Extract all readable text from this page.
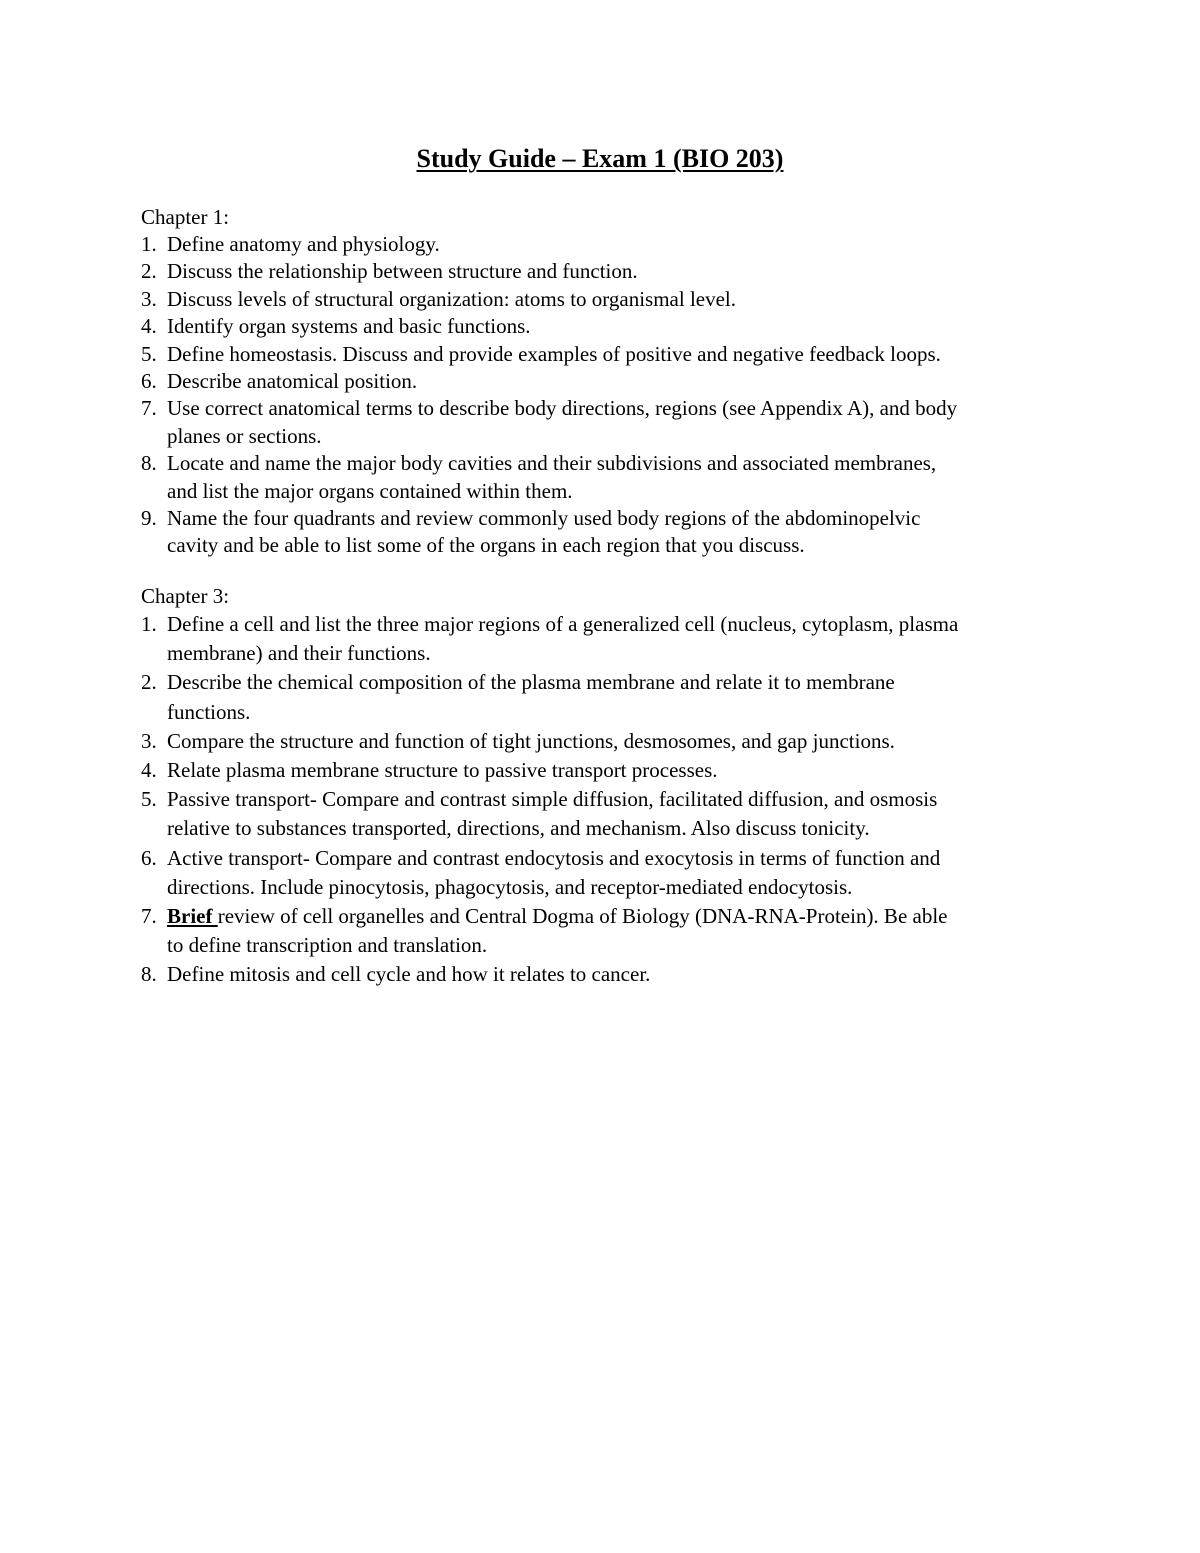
Study Guide – Exam 1 (BIO 203)
Chapter 1:
1. Define anatomy and physiology.
2. Discuss the relationship between structure and function.
3. Discuss levels of structural organization: atoms to organismal level.
4. Identify organ systems and basic functions.
5. Define homeostasis. Discuss and provide examples of positive and negative feedback loops.
6. Describe anatomical position.
7. Use correct anatomical terms to describe body directions, regions (see Appendix A), and body
planes or sections.
8. Locate and name the major body cavities and their subdivisions and associated membranes,
and list the major organs contained within them.
9. Name the four quadrants and review commonly used body regions of the abdominopelvic
cavity and be able to list some of the organs in each region that you discuss.
Chapter 3:
1. Define a cell and list the three major regions of a generalized cell (nucleus, cytoplasm, plasma
membrane) and their functions.
2. Describe the chemical composition of the plasma membrane and relate it to membrane
functions.
3. Compare the structure and function of tight junctions, desmosomes, and gap junctions.
4. Relate plasma membrane structure to passive transport processes.
5. Passive transport- Compare and contrast simple diffusion, facilitated diffusion, and osmosis
relative to substances transported, directions, and mechanism. Also discuss tonicity.
6. Active transport- Compare and contrast endocytosis and exocytosis in terms of function and
directions. Include pinocytosis, phagocytosis, and receptor-mediated endocytosis.
7. Brief review of cell organelles and Central Dogma of Biology (DNA-RNA-Protein). Be able
to define transcription and translation.
8. Define mitosis and cell cycle and how it relates to cancer.
